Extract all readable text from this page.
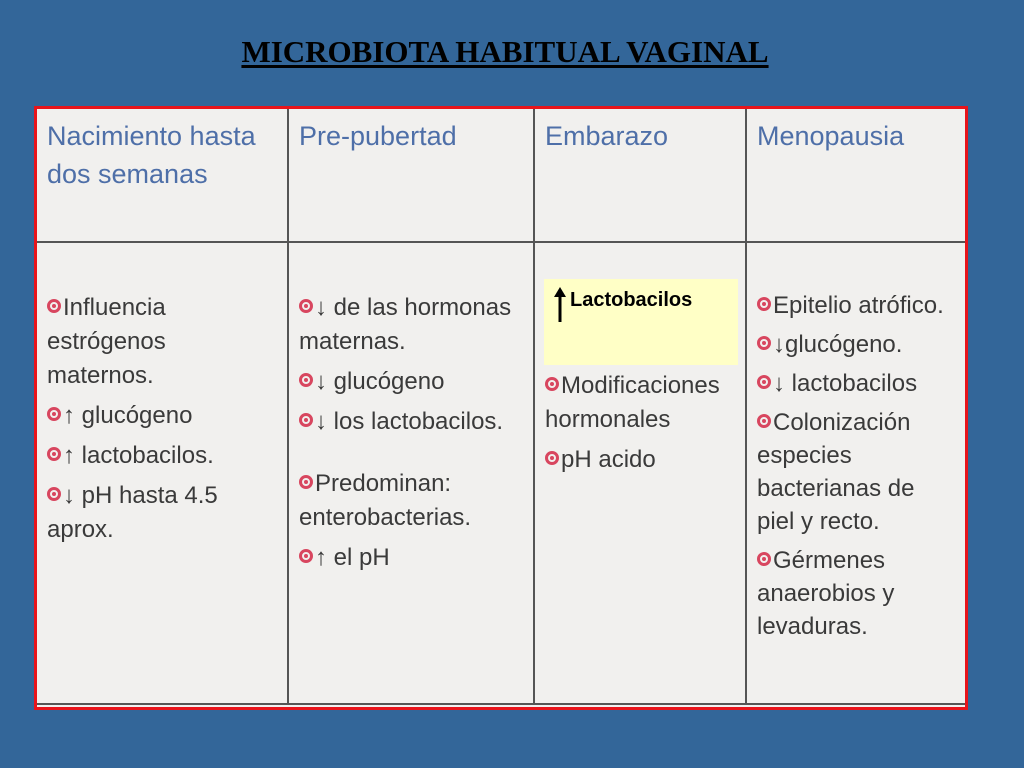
MICROBIOTA HABITUAL VAGINAL
Nacimiento hasta dos semanas
Pre-pubertad	Embarazo	Menopausia
Influencia estrógenos maternos.
↑ glucógeno
↑ lactobacilos.
↓ pH hasta 4.5 aprox.
↓ de las hormonas maternas.
↓ glucógeno
↓ los lactobacilos.
Predominan: enterobacterias.
↑ el pH
Modificaciones hormonales
pH acido
Epitelio atrófico.
↓glucógeno.
↓ lactobacilos
Colonización especies bacterianas de piel y recto.
Gérmenes anaerobios y levaduras.
Lactobacilos
